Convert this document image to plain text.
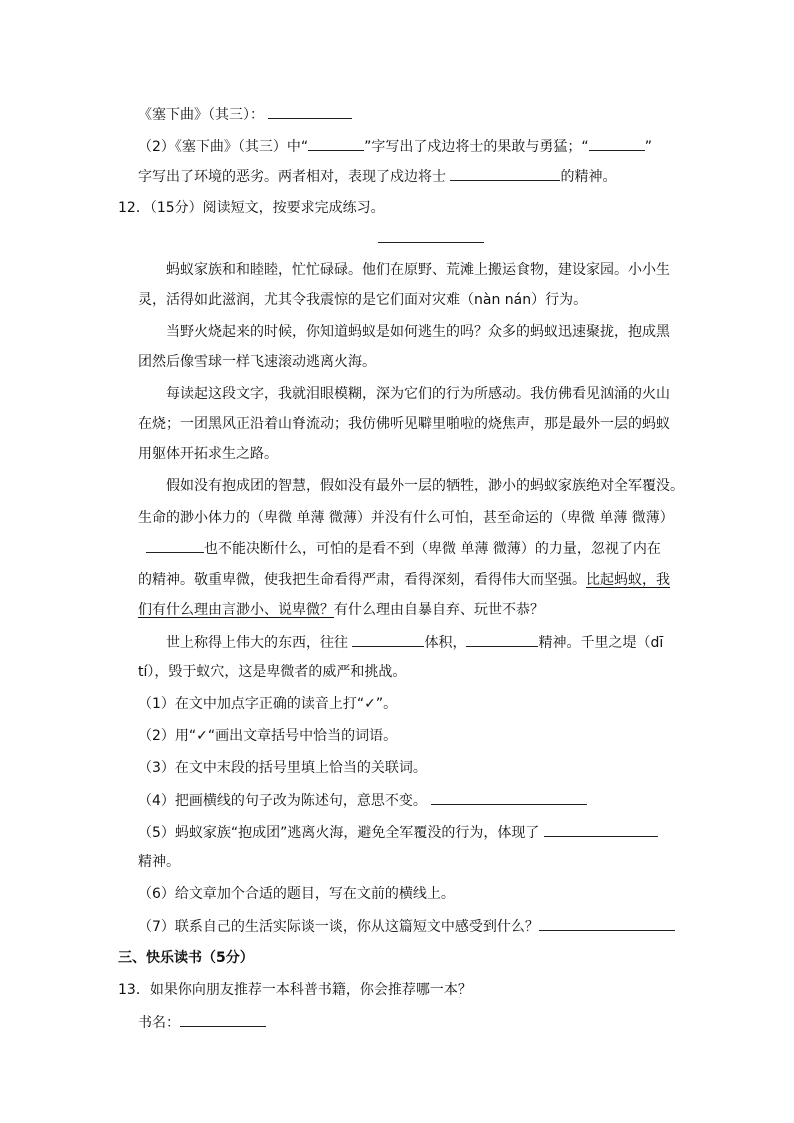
《塞下曲》（其三）：
（2）《塞下曲》（其三）中“	”字写出了戍边将士的果敢与勇猛；“	”
字写出了环境的恶劣。两者相对，表现了戍边将士	的精神。
12．（15分）阅读短文，按要求完成练习。
蚂蚁家族和和睦睦，忙忙碌碌。他们在原野、荒滩上搬运食物，建设家园。小小生
灵，活得如此滋润，尤其令我震惊的是它们面对灾难（nàn nán）行为。
当野火烧起来的时候，你知道蚂蚁是如何逃生的吗？众多的蚂蚁迅速聚拢，抱成黑
团然后像雪球一样飞速滚动逃离火海。
每读起这段文字，我就泪眼模糊，深为它们的行为所感动。我仿佛看见汹涌的火山
在烧；一团黑风正沿着山脊流动；我仿佛听见噼里啪啦的烧焦声，那是最外一层的蚂蚁
用躯体开拓求生之路。
假如没有抱成团的智慧，假如没有最外一层的牺牲，渺小的蚂蚁家族绝对全军覆没。
生命的渺小体力的（卑微 单薄 微薄）并没有什么可怕，甚至命运的（卑微 单薄 微薄）
也不能决断什么，可怕的是看不到（卑微 单薄 微薄）的力量，忽视了内在
的精神。敬重卑微，使我把生命看得严肃，看得深刻，看得伟大而坚强。比起蚂蚁，我
们有什么理由言渺小、说卑微？有什么理由自暴自弃、玩世不恭？
世上称得上伟大的东西，往往	体积，	精神。千里之堤（dī
tí），毁于蚁穴，这是卑微者的威严和挑战。
（1）在文中加点字正确的读音上打“✓”。
（2）用“✓“画出文章括号中恰当的词语。
（3）在文中末段的括号里填上恰当的关联词。
（4）把画横线的句子改为陈述句，意思不变。
（5）蚂蚁家族“抱成团”逃离火海，避免全军覆没的行为，体现了
精神。
（6）给文章加个合适的题目，写在文前的横线上。
（7）联系自己的生活实际谈一谈，你从这篇短文中感受到什么？
三、快乐读书（5分）
13．如果你向朋友推荐一本科普书籍，你会推荐哪一本？
书名：
